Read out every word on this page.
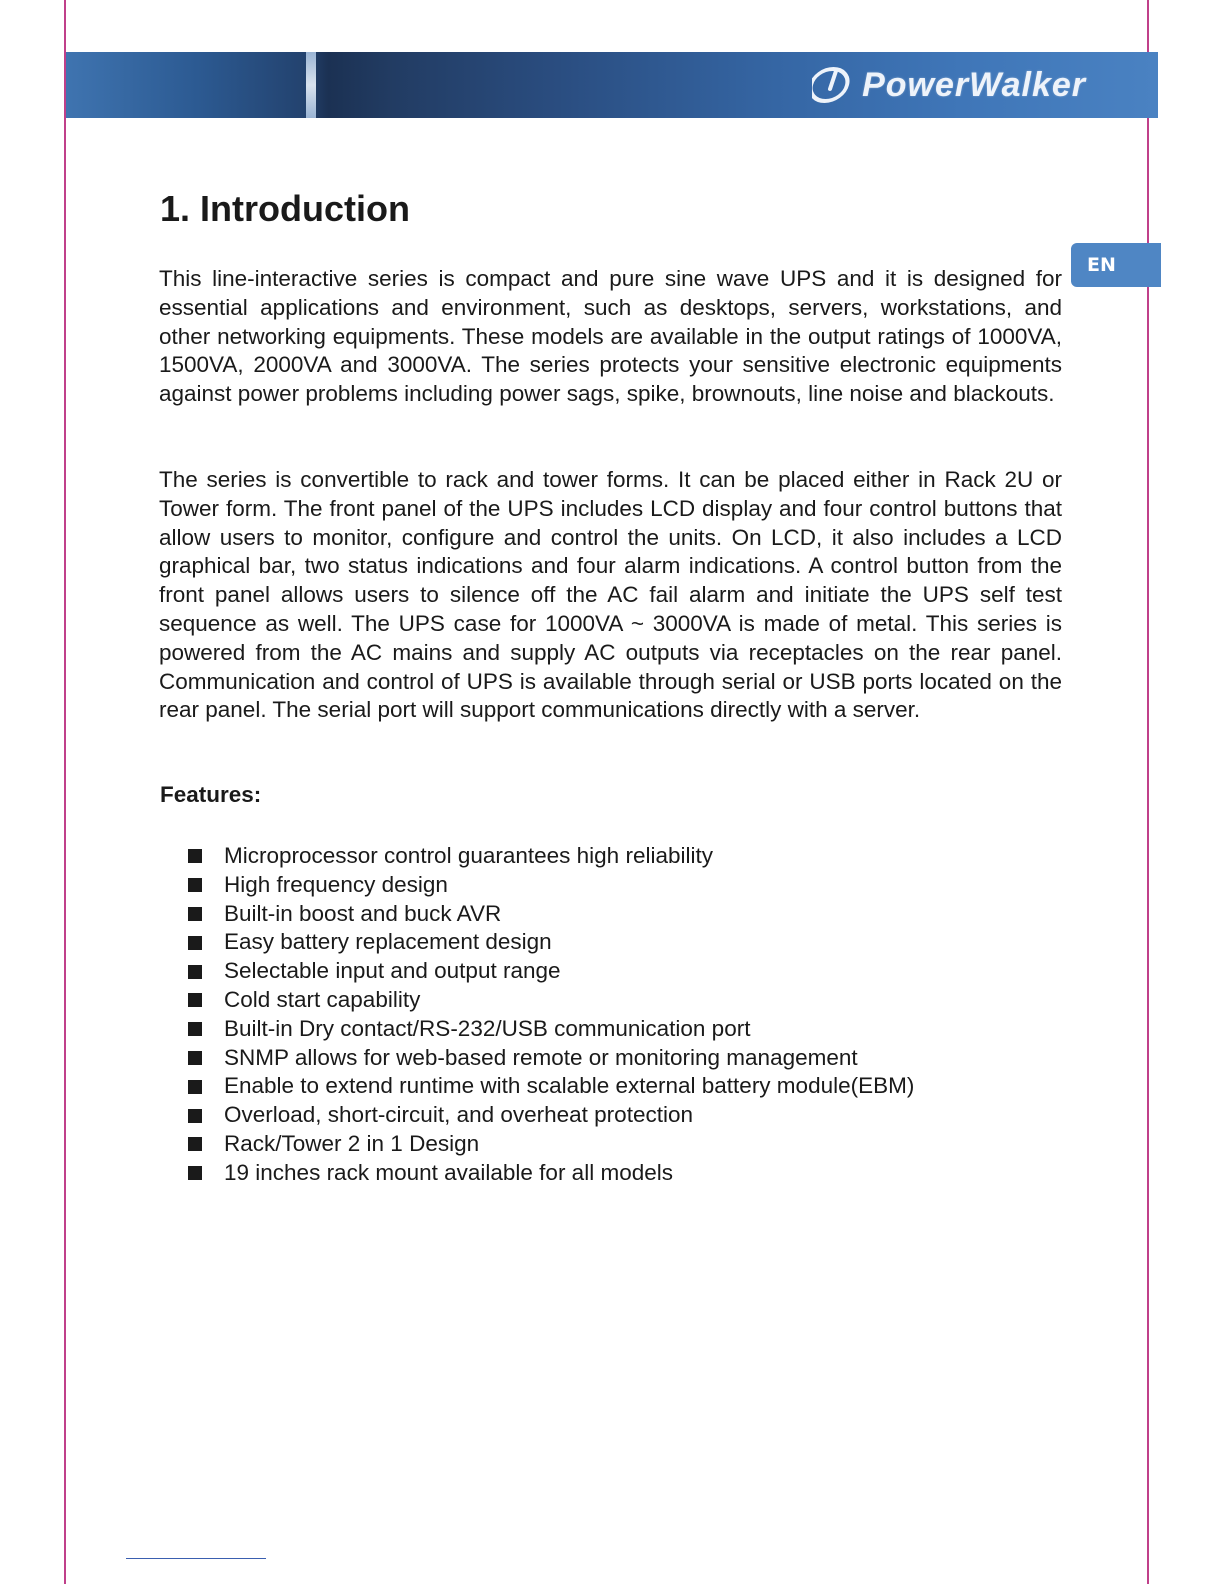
PowerWalker
EN
1. Introduction

This line-interactive series is compact and pure sine wave UPS and it is designed for essential applications and environment, such as desktops, servers, workstations, and other networking equipments. These models are available in the output ratings of 1000VA, 1500VA, 2000VA and 3000VA. The series protects your sensitive electronic equipments against power problems including power sags, spike, brownouts, line noise and blackouts.

The series is convertible to rack and tower forms. It can be placed either in Rack 2U or Tower form. The front panel of the UPS includes LCD display and four control buttons that allow users to monitor, configure and control the units. On LCD, it also includes a LCD graphical bar, two status indications and four alarm indications. A control button from the front panel allows users to silence off the AC fail alarm and initiate the UPS self test sequence as well. The UPS case for 1000VA ~ 3000VA is made of metal. This series is powered from the AC mains and supply AC outputs via receptacles on the rear panel. Communication and control of UPS is available through serial or USB ports located on the rear panel. The serial port will support communications directly with a server.

Features:
Microprocessor control guarantees high reliability
High frequency design
Built-in boost and buck AVR
Easy battery replacement design
Selectable input and output range
Cold start capability
Built-in Dry contact/RS-232/USB communication port
SNMP allows for web-based remote or monitoring management
Enable to extend runtime with scalable external battery module(EBM)
Overload, short-circuit, and overheat protection
Rack/Tower 2 in 1 Design
19 inches rack mount available for all models
